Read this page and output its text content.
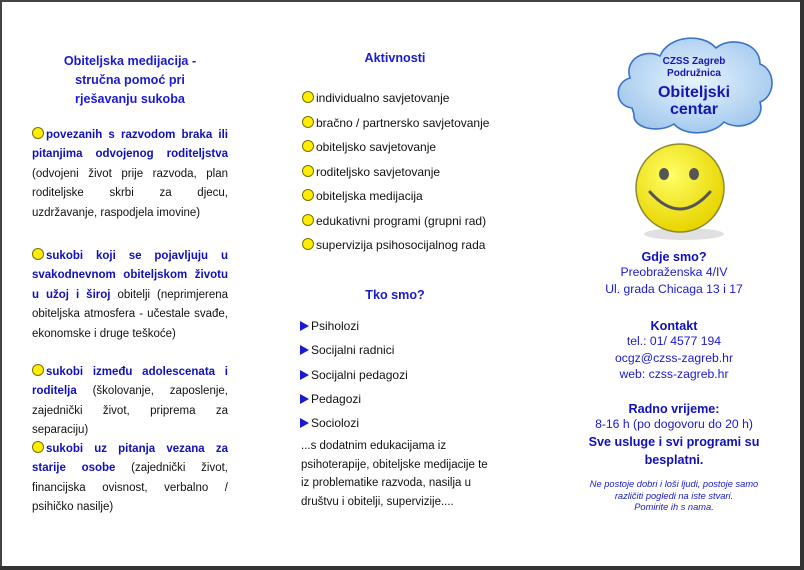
Obiteljska medijacija -
stručna pomoć pri
rješavanju sukoba
povezanih s razvodom braka ili pitanjima odvojenog roditeljstva (odvojeni život prije razvoda, plan roditeljske skrbi za djecu, uzdržavanje, raspodjela imovine)
sukobi koji se pojavljuju u svakodnevnom obiteljskom životu u užoj i široj obitelji (neprimjerena obiteljska atmosfera - učestale svađe, ekonomske i druge teškoće)
sukobi između adolescenata i roditelja (školovanje, zaposlenje, zajednički život, priprema za separaciju)
sukobi uz pitanja vezana za starije osobe (zajednički život, financijska ovisnost, verbalno / psihičko nasilje)
Aktivnosti
individualno savjetovanje
bračno / partnersko savjetovanje
obiteljsko savjetovanje
roditeljsko savjetovanje
obiteljska medijacija
edukativni programi (grupni rad)
supervizija psihosocijalnog rada
Tko smo?
Psiholozi
Socijalni radnici
Socijalni pedagozi
Pedagozi
Sociolozi
...s dodatnim edukacijama iz psihoterapije, obiteljske medijacije te iz problematike razvoda, nasilja u društvu i obitelji, supervizije....
CZSS Zagreb
Podružnica
Obiteljski
centar
Gdje smo?
Preobraženska 4/IV
Ul. grada Chicaga 13 i 17
Kontakt
tel.: 01/ 4577 194
ocgz@czss-zagreb.hr
web: czss-zagreb.hr
Radno vrijeme:
8-16 h (po dogovoru do 20 h)
Sve usluge i svi programi su
besplatni.
Ne postoje dobri i loši ljudi, postoje samo
različiti pogledi na iste stvari.
Pomirite ih s nama.
